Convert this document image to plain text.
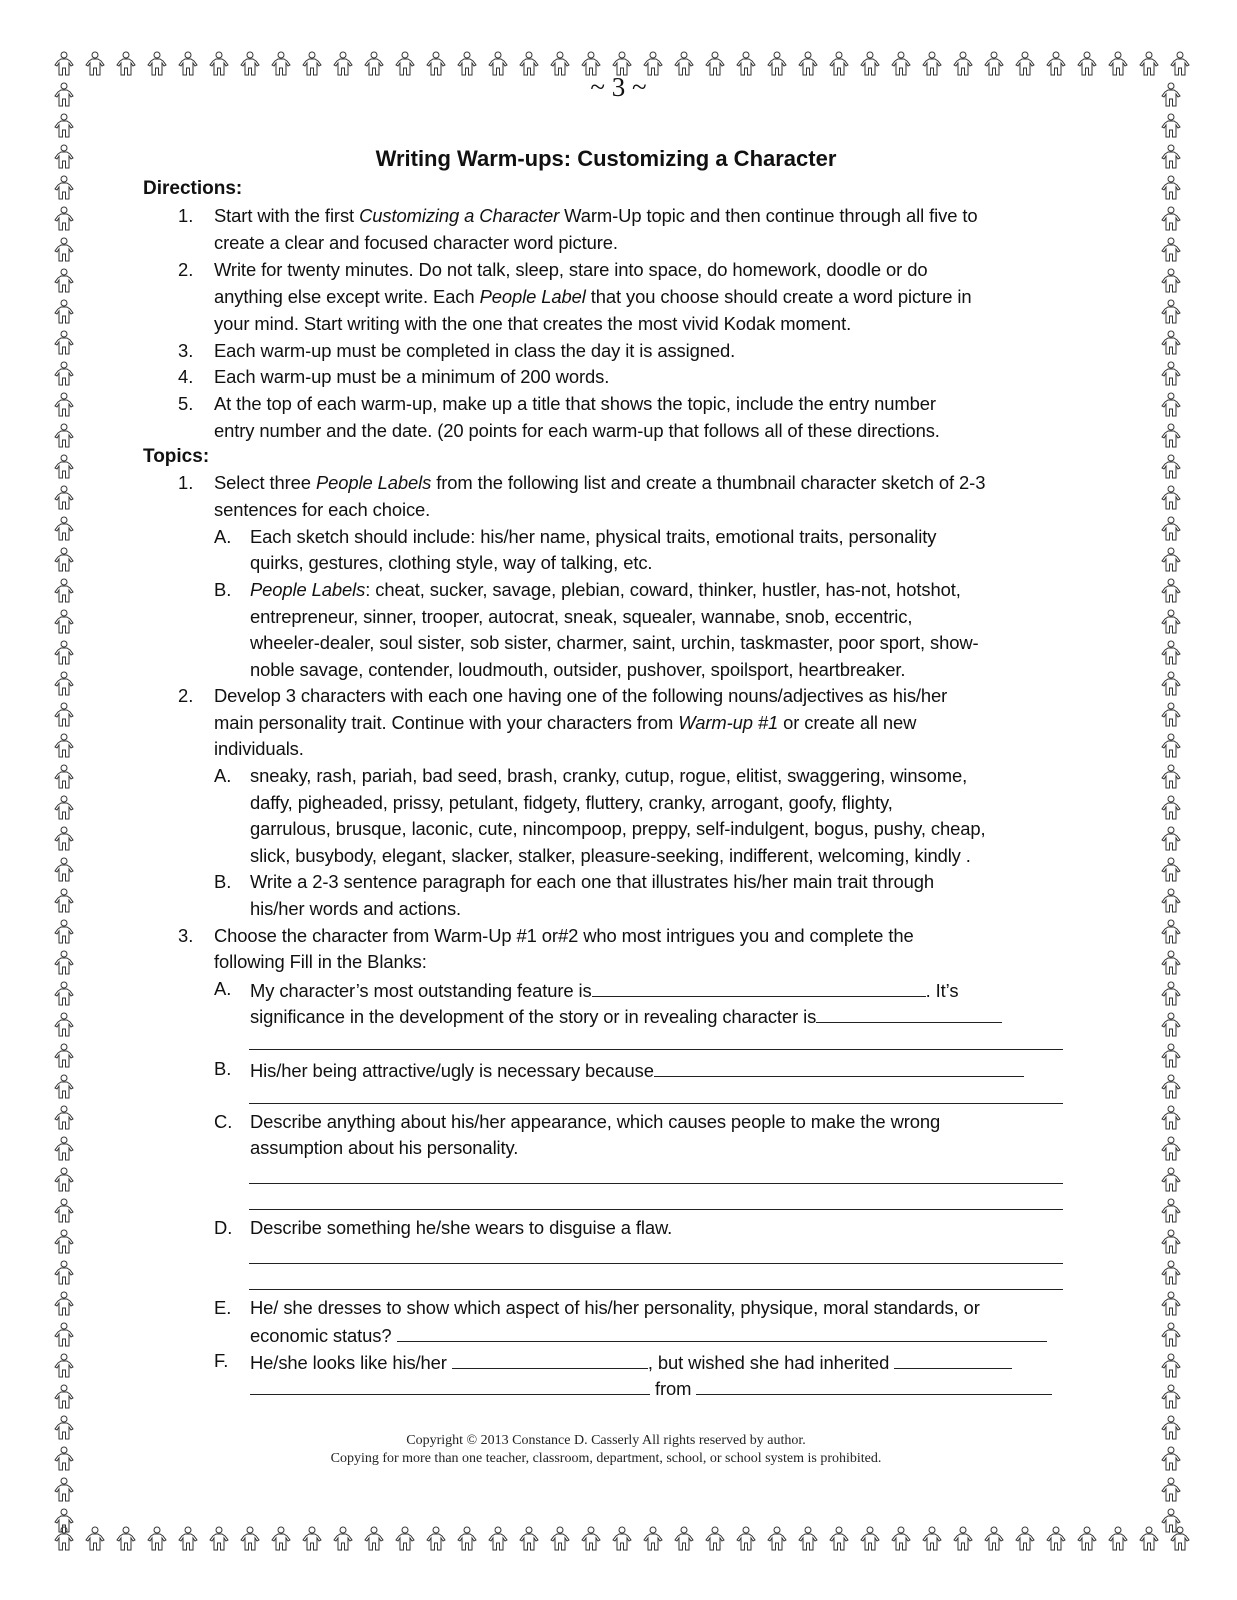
~ 3 ~
Writing Warm-ups: Customizing a Character
Directions:
1. Start with the first Customizing a Character Warm-Up topic and then continue through all five to
create a clear and focused character word picture.
2. Write for twenty minutes. Do not talk, sleep, stare into space, do homework, doodle or do
anything else except write. Each People Label that you choose should create a word picture in
your mind. Start writing with the one that creates the most vivid Kodak moment.
3. Each warm-up must be completed in class the day it is assigned.
4. Each warm-up must be a minimum of 200 words.
5. At the top of each warm-up, make up a title that shows the topic, include the entry number
entry number and the date. (20 points for each warm-up that follows all of these directions.
Topics:
1. Select three People Labels from the following list and create a thumbnail character sketch of 2-3
sentences for each choice.
A. Each sketch should include: his/her name, physical traits, emotional traits, personality
quirks, gestures, clothing style, way of talking, etc.
B. People Labels: cheat, sucker, savage, plebian, coward, thinker, hustler, has-not, hotshot,
entrepreneur, sinner, trooper, autocrat, sneak, squealer, wannabe, snob, eccentric,
wheeler-dealer, soul sister, sob sister, charmer, saint, urchin, taskmaster, poor sport, show-
noble savage, contender, loudmouth, outsider, pushover, spoilsport, heartbreaker.
2. Develop 3 characters with each one having one of the following nouns/adjectives as his/her
main personality trait. Continue with your characters from Warm-up #1 or create all new
individuals.
A. sneaky, rash, pariah, bad seed, brash, cranky, cutup, rogue, elitist, swaggering, winsome,
daffy, pigheaded, prissy, petulant, fidgety, fluttery, cranky, arrogant, goofy, flighty,
garrulous, brusque, laconic, cute, nincompoop, preppy, self-indulgent, bogus, pushy, cheap,
slick, busybody, elegant, slacker, stalker, pleasure-seeking, indifferent, welcoming, kindly .
B. Write a 2-3 sentence paragraph for each one that illustrates his/her main trait through
his/her words and actions.
3. Choose the character from Warm-Up #1 or#2 who most intrigues you and complete the
following Fill in the Blanks:
A. My character’s most outstanding feature is	. It’s
significance in the development of the story or in revealing character is
B. His/her being attractive/ugly is necessary because
C. Describe anything about his/her appearance, which causes people to make the wrong
assumption about his personality.
D. Describe something he/she wears to disguise a flaw.
E. He/ she dresses to show which aspect of his/her personality, physique, moral standards, or
economic status?
F. He/she looks like his/her	, but wished she had inherited
from
Copyright © 2013 Constance D. Casserly All rights reserved by author.
Copying for more than one teacher, classroom, department, school, or school system is prohibited.
